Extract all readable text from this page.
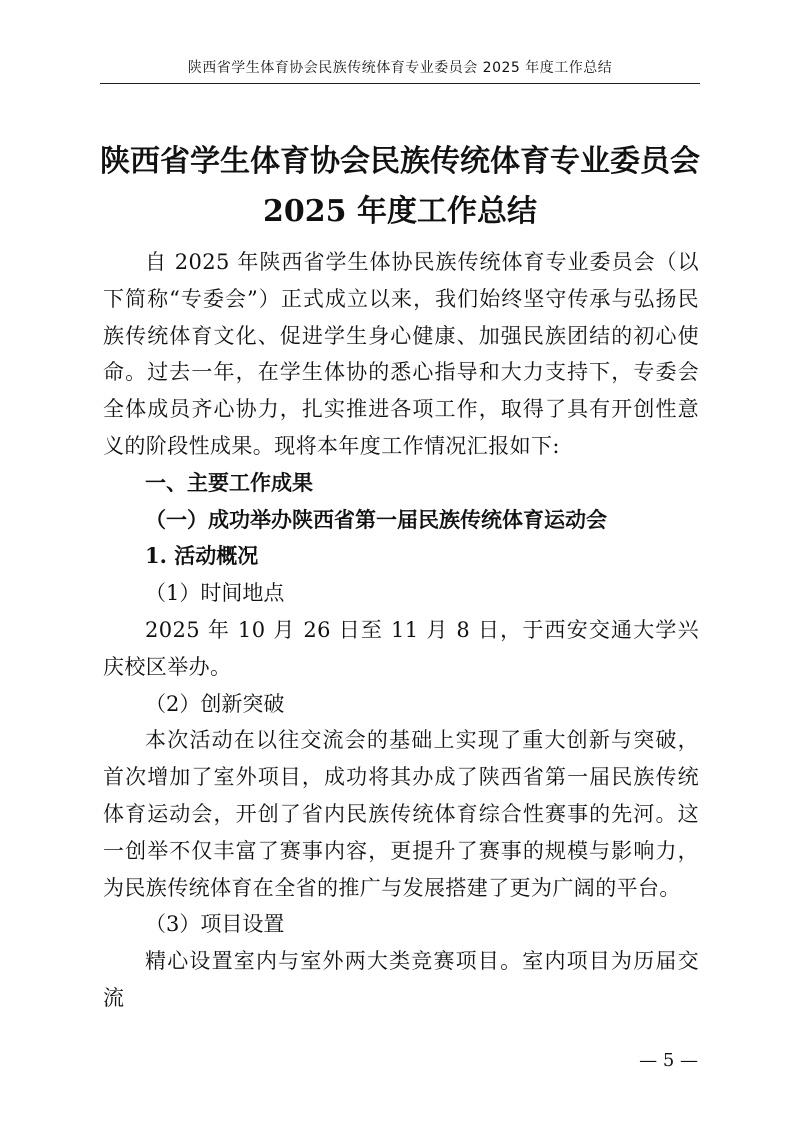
陕西省学生体育协会民族传统体育专业委员会 2025 年度工作总结
陕西省学生体育协会民族传统体育专业委员会
2025 年度工作总结

自 2025 年陕西省学生体协民族传统体育专业委员会（以下简称“专委会”）正式成立以来，我们始终坚守传承与弘扬民族传统体育文化、促进学生身心健康、加强民族团结的初心使命。过去一年，在学生体协的悉心指导和大力支持下，专委会全体成员齐心协力，扎实推进各项工作，取得了具有开创性意义的阶段性成果。现将本年度工作情况汇报如下:

一、主要工作成果

（一）成功举办陕西省第一届民族传统体育运动会

1. 活动概况

（1）时间地点

2025 年 10 月 26 日至 11 月 8 日，于西安交通大学兴庆校区举办。

（2）创新突破

本次活动在以往交流会的基础上实现了重大创新与突破，首次增加了室外项目，成功将其办成了陕西省第一届民族传统体育运动会，开创了省内民族传统体育综合性赛事的先河。这一创举不仅丰富了赛事内容，更提升了赛事的规模与影响力，为民族传统体育在全省的推广与发展搭建了更为广阔的平台。

（3）项目设置

精心设置室内与室外两大类竞赛项目。室内项目为历届交流

— 5 —
